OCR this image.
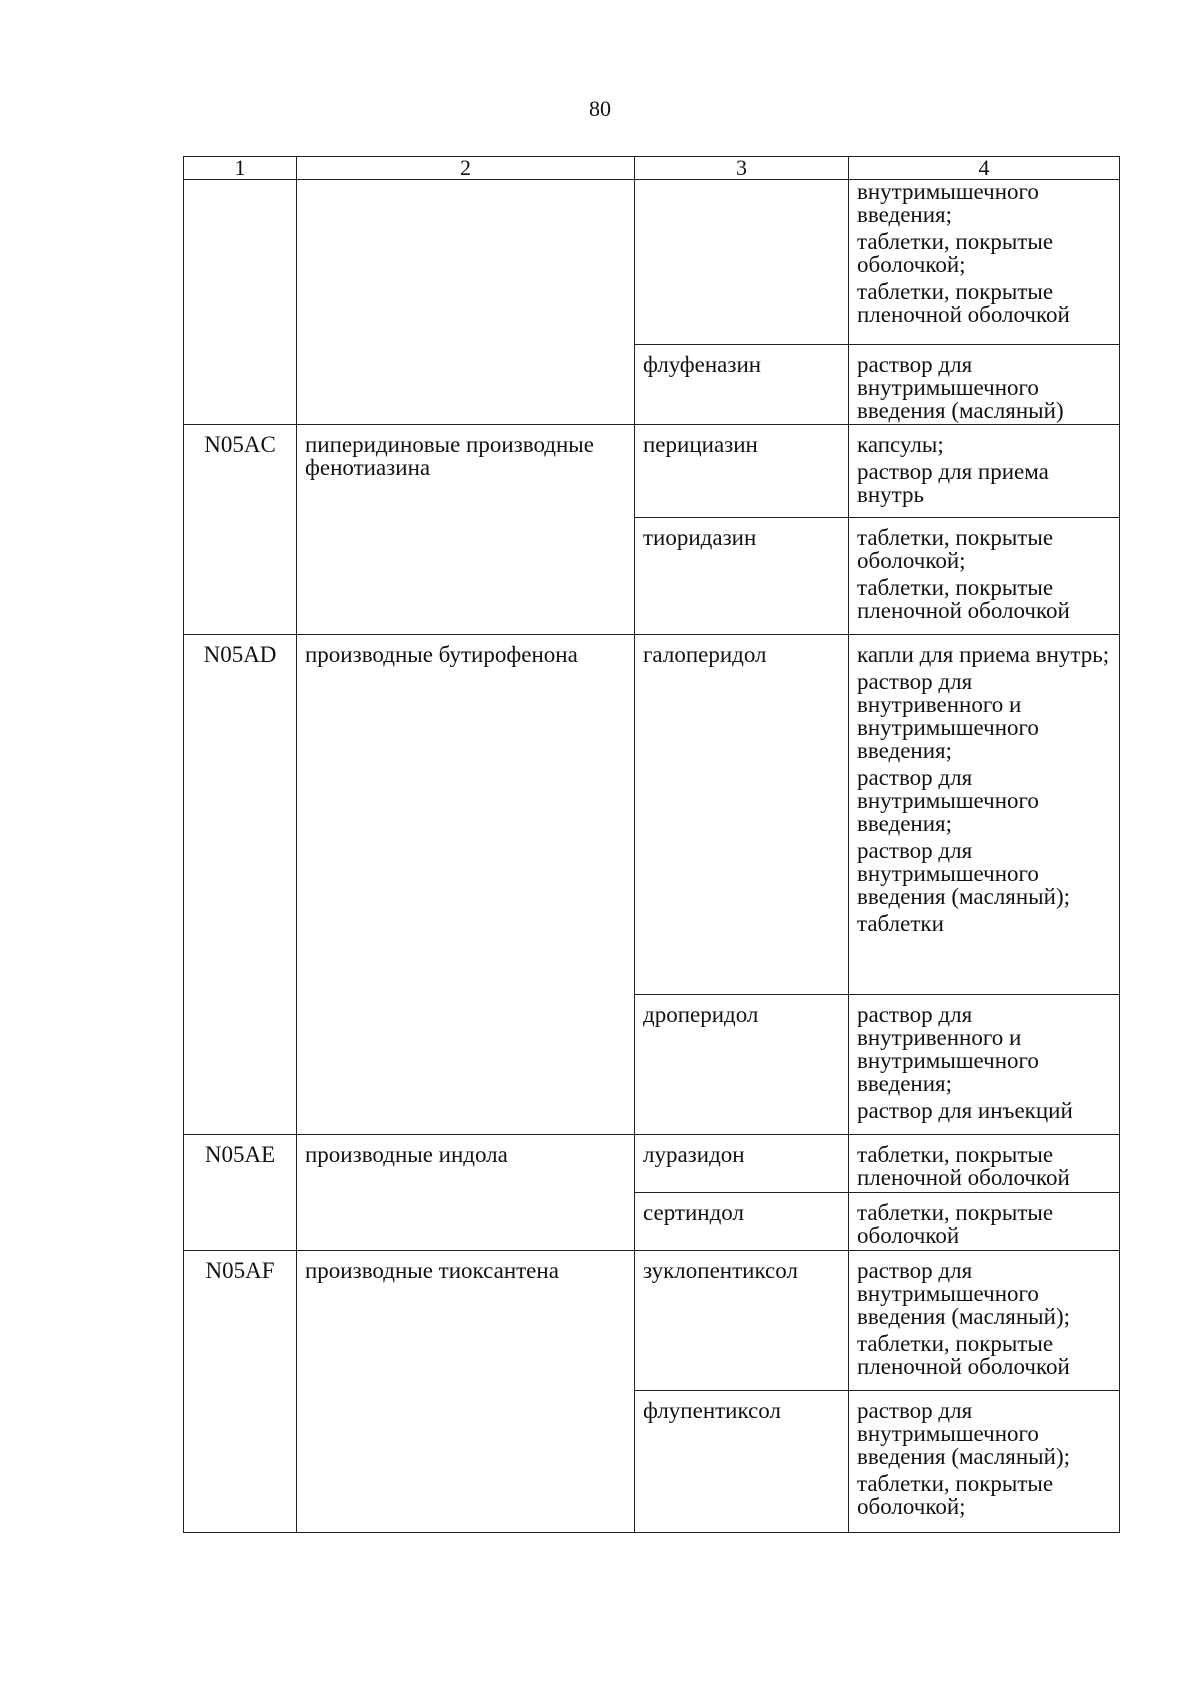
80
1	2	3	4

			внутримышечного введения;
таблетки, покрытые оболочкой;
таблетки, покрытые пленочной оболочкой

		флуфеназин	раствор для внутримышечного введения (масляный)

N05AC	пиперидиновые производные фенотиазина	перициазин	капсулы;
раствор для приема внутрь

		тиоридазин	таблетки, покрытые оболочкой;
таблетки, покрытые пленочной оболочкой

N05AD	производные бутирофенона	галоперидол	капли для приема внутрь;
раствор для внутривенного и внутримышечного введения;
раствор для внутримышечного введения;
раствор для внутримышечного введения (масляный);
таблетки

		дроперидол	раствор для внутривенного и внутримышечного введения;
раствор для инъекций

N05AE	производные индола	луразидон	таблетки, покрытые пленочной оболочкой

		сертиндол	таблетки, покрытые оболочкой

N05AF	производные тиоксантена	зуклопентиксол	раствор для внутримышечного введения (масляный);
таблетки, покрытые пленочной оболочкой

		флупентиксол	раствор для внутримышечного введения (масляный);
таблетки, покрытые оболочкой;
